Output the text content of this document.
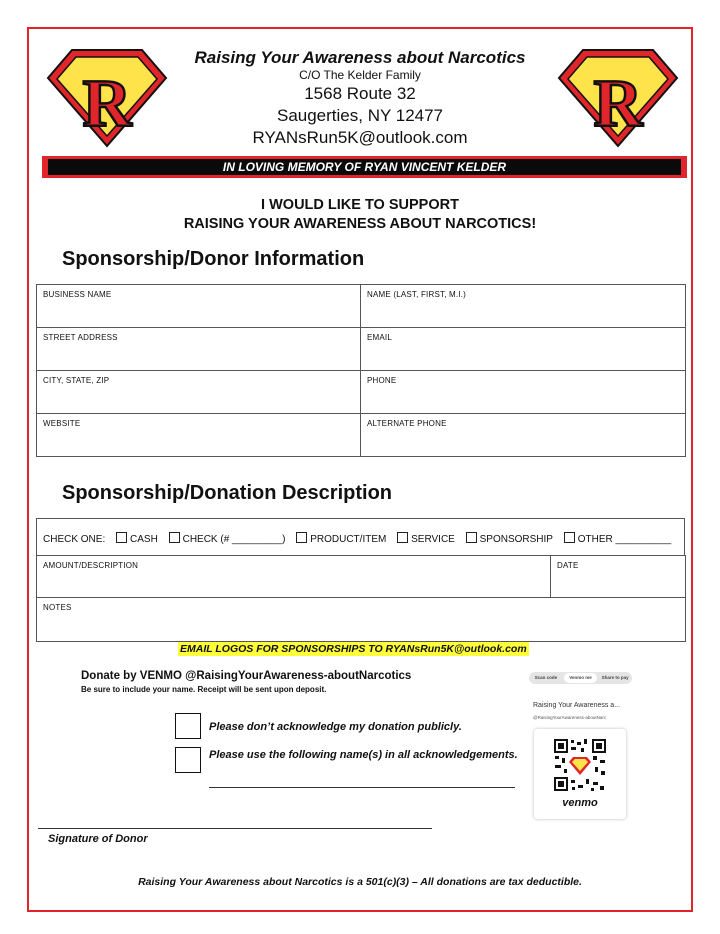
R	R
Raising Your Awareness about Narcotics
C/O The Kelder Family
1568 Route 32
Saugerties, NY 12477
RYANsRun5K@outlook.com
IN LOVING MEMORY OF RYAN VINCENT KELDER
I WOULD LIKE TO SUPPORT
RAISING YOUR AWARENESS ABOUT NARCOTICS!
Sponsorship/Donor Information
BUSINESS NAME	NAME (LAST, FIRST, M.I.)
STREET ADDRESS	EMAIL
CITY, STATE, ZIP	PHONE
WEBSITE	ALTERNATE PHONE
Sponsorship/Donation Description
CHECK ONE: CASH CHECK (# _________) PRODUCT/ITEM SERVICE SPONSORSHIP OTHER __________
AMOUNT/DESCRIPTION	DATE
NOTES
EMAIL LOGOS FOR SPONSORSHIPS TO RYANsRun5K@outlook.com
Donate by VENMO @RaisingYourAwareness-aboutNarcotics
Be sure to include your name. Receipt will be sent upon deposit.
Please don’t acknowledge my donation publicly.
Please use the following name(s) in all acknowledgements.
Scan code	Venmo me	Share to pay
Raising Your Awareness a...
@RaisingYourAwareness-aboutNarc
venmo
Signature of Donor
Raising Your Awareness about Narcotics is a 501(c)(3) – All donations are tax deductible.
